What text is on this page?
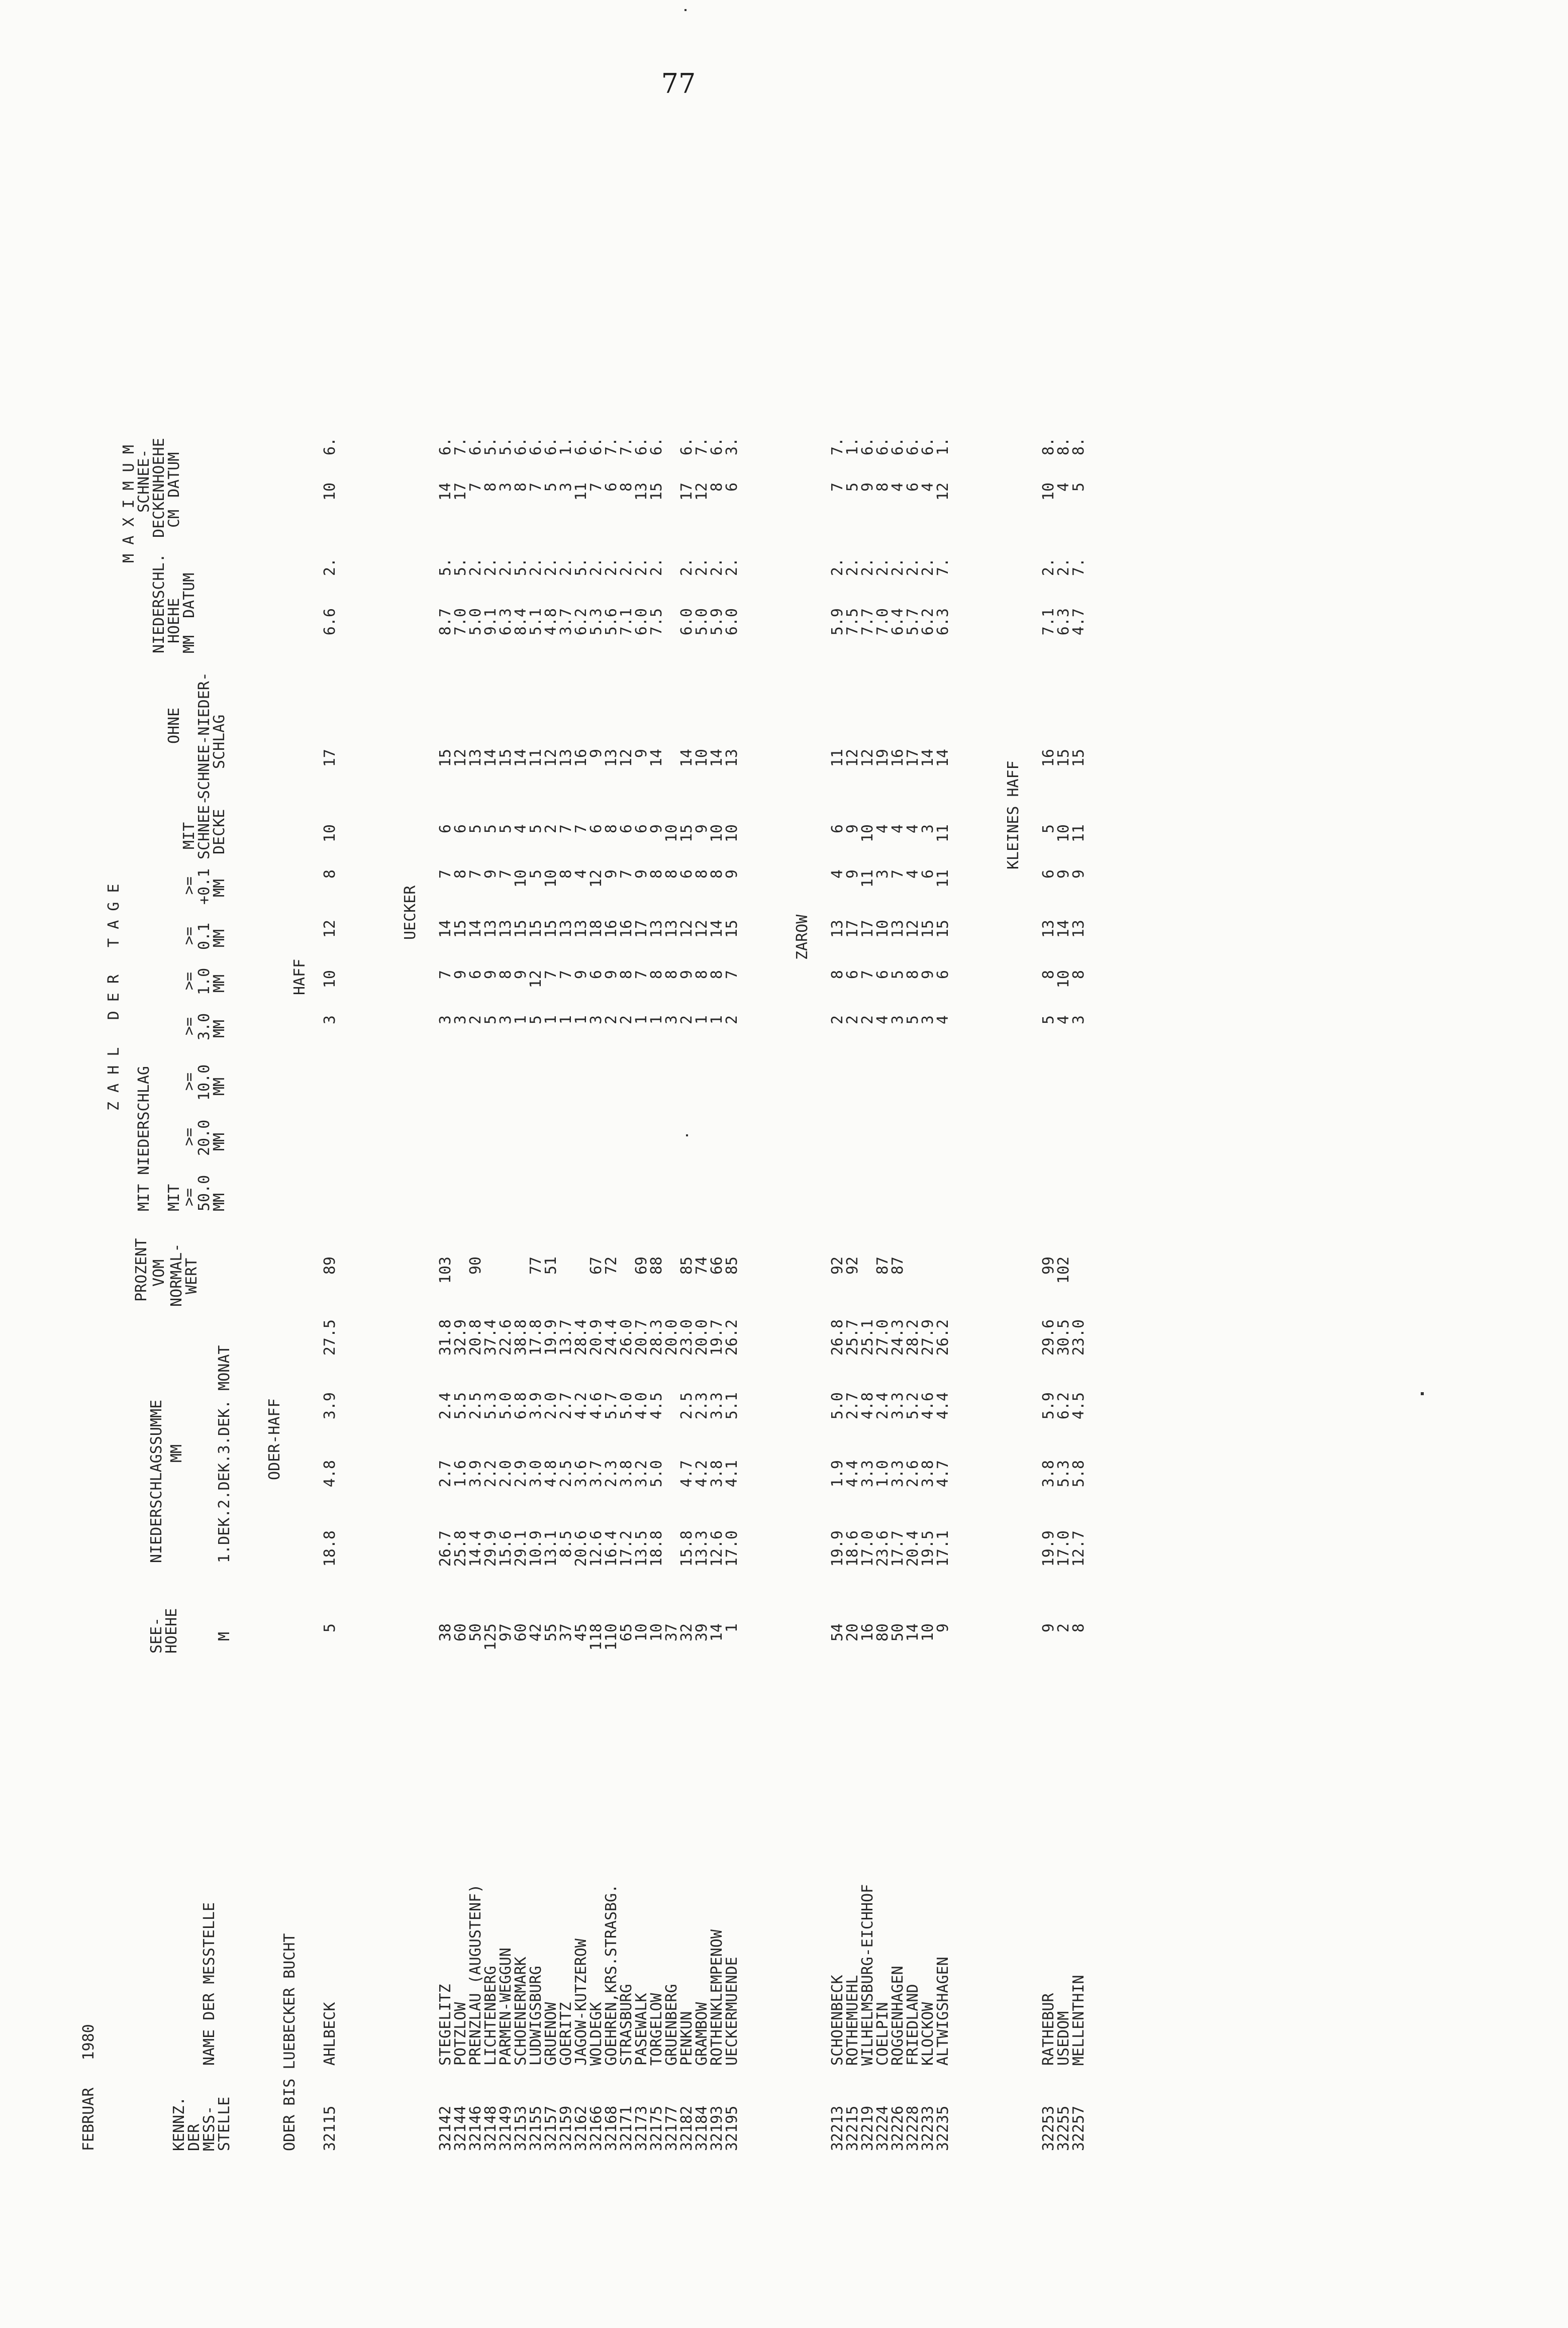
77
FEBRUAR   1980	KENNZ.
DER
MESS-
STELLE
NAME DER MESSTELLE
SEE-
HOEHE M
NIEDERSCHLAGSSUMME MM 1.DEK.2.DEK.3.DEK. MONAT
PROZENT VOM NORMAL-
WERT
Z A H L   D E R   T A G E
MIT NIEDERSCHLAG MIT
>=
50.0
MM
>=
20.0
MM
>=
10.0
MM
>=
3.0
MM
>=
1.0
MM
>=
0.1
MM
>=
+0.1
MM
MIT
SCHNEE-
DECKE
OHNE SCHNEE-NIEDER-
SCHLAG
M A X I M U M
NIEDERSCHL.
HOEHE
MM
DATUM
SCHNEE-
DECKENHOEHE
CM
DATUM
ODER BIS LUEBECKER BUCHT
ODER-HAFF
HAFF
32115
AHLBECK
5
18.8
4.8
3.9
27.5
89
3
10
12
8
10
17
6.6
2.
10
6.
UECKER
32142
STEGELITZ
38
26.7
2.7
2.4
31.8
103
3
7
14
7
6
15
8.7
5.
14
6.
32144
POTZLOW
60
25.8
1.6
5.5
32.9
3
9
15
8
6
12
7.0
5.
17
7.
32146
PRENZLAU (AUGUSTENF)
50
14.4
3.9
2.5
20.8
90
2
6
14
7
5
13
5.0
2.
7
6.
32148
LICHTENBERG
125
29.9
2.2
5.3
37.4
5
9
13
9
5
14
9.1
2.
8
5.
32149
PARMEN-WEGGUN
97
15.6
2.0
5.0
22.6
3
8
13
7
5
15
6.3
2.
3
5.
32153
SCHOENERMARK
60
29.1
2.9
6.8
38.8
1
9
15
10
4
14
8.4
5.
8
6.
32155
LUDWIGSBURG
42
10.9
3.0
3.9
17.8
77
5
12
15
5
5
11
5.1
2.
7
6.
32157
GRUENOW
55
13.1
4.8
2.0
19.9
51
1
7
15
10
2
12
4.8
2.
5
6.
32159
GOERITZ
37
8.5
2.5
2.7
13.7
1
7
13
8
7
13
3.7
2.
3
1.
32162
JAGOW-KUTZEROW
45
20.6
3.6
4.2
28.4
1
9
13
4
7
16
6.2
5.
11
6.
32166
WOLDEGK
118
12.6
3.7
4.6
20.9
67
3
6
18
12
6
9
5.3
2.
7
6.
32168
GOEHREN,KRS.STRASBG.
110
16.4
2.3
5.7
24.4
72
2
9
16
9
8
13
5.6
2.
6
7.
32171
STRASBURG
65
17.2
3.8
5.0
26.0
2
8
16
7
6
12
7.1
2.
8
7.
32173
PASEWALK
10
13.5
3.2
4.0
20.7
69
1
7
17
9
6
9
6.0
2.
13
6.
32175
TORGELOW
10
18.8
5.0
4.5
28.3
88
1
8
13
8
9
14
7.5
2.
15
6.
32177
GRUENBERG
37
20.0
3
8
13
8
10
32182
PENKUN
32
15.8
4.7
2.5
23.0
85
2
9
12
6
15
14
6.0
2.
17
6.
32184
GRAMBOW
39
13.3
4.2
2.3
20.0
74
1
8
12
8
9
10
5.0
2.
12
7.
32193
ROTHENKLEMPENOW
14
12.6
3.8
3.3
19.7
66
1
8
14
8
10
14
5.9
2.
8
6.
32195
UECKERMUENDE
1
17.0
4.1
5.1
26.2
85
2
7
15
9
10
13
6.0
2.
6
3.
ZAROW
32213
SCHOENBECK
54
19.9
1.9
5.0
26.8
92
2
8
13
4
6
11
5.9
2.
7
7.
32215
ROTHEMUEHL
20
18.6
4.4
2.7
25.7
92
2
6
17
9
9
12
7.5
2.
5
1.
32219
WILHELMSBURG-EICHHOF
16
17.0
3.3
4.8
25.1
2
7
17
11
10
12
7.7
2.
9
6.
32224
COELPIN
80
23.6
1.0
2.4
27.0
87
4
6
10
3
4
19
7.0
2.
8
6.
32226
ROGGENHAGEN
50
17.7
3.3
3.3
24.3
87
3
5
13
7
4
16
6.4
2.
4
6.
32228
FRIEDLAND
14
20.4
2.6
5.2
28.2
5
8
12
4
4
17
5.7
2.
6
6.
32233
KLOCKOW
10
19.5
3.8
4.6
27.9
3
9
15
6
3
14
6.2
2.
4
6.
32235
ALTWIGSHAGEN
9
17.1
4.7
4.4
26.2
4
6
15
11
11
14
6.3
7.
12
1.
KLEINES HAFF
32253
RATHEBUR
9
19.9
3.8
5.9
29.6
99
5
8
13
6
5
16
7.1
2.
10
8.
32255
USEDOM
2
17.0
5.3
6.2
30.5
102
4
10
14
9
10
15
6.3
2.
4
8.
32257
MELLENTHIN
8
12.7
5.8
4.5
23.0
3
8
13
9
11
15
4.7
7.
5
8.
